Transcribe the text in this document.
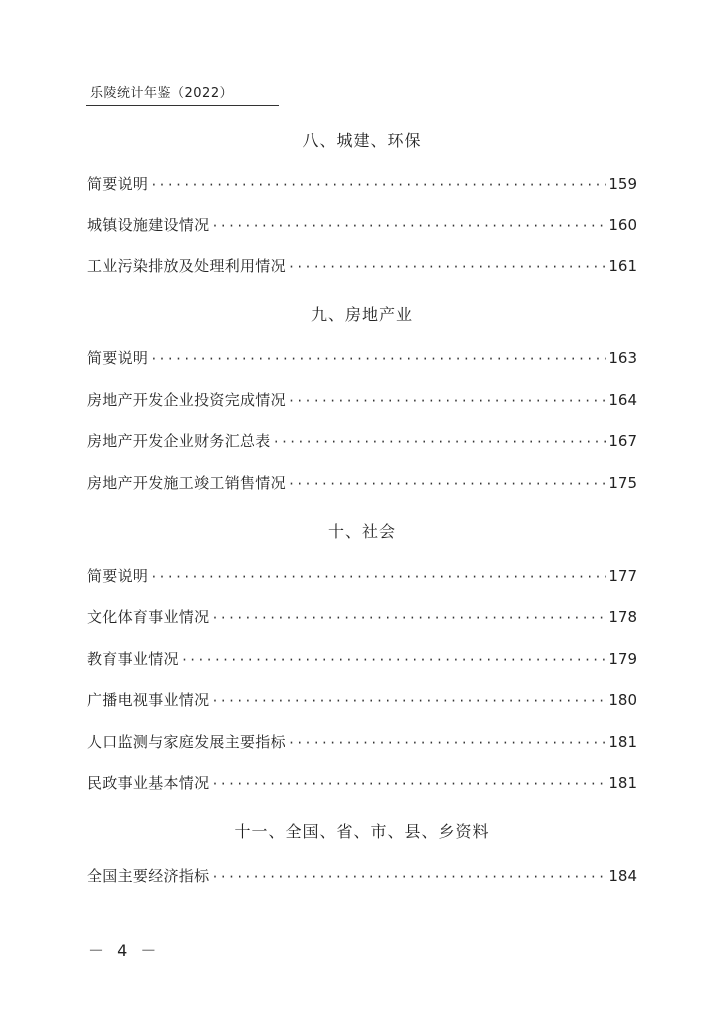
乐陵统计年鉴（2022）
八、城建、环保
简要说明 ·····	159
城镇设施建设情况 ·····	160
工业污染排放及处理利用情况 ·····	161
九、房地产业
简要说明 ·····	163
房地产开发企业投资完成情况 ·····	164
房地产开发企业财务汇总表 ·····	167
房地产开发施工竣工销售情况 ·····	175
十、社会
简要说明 ·····	177
文化体育事业情况 ·····	178
教育事业情况 ·····	179
广播电视事业情况 ·····	180
人口监测与家庭发展主要指标 ·····	181
民政事业基本情况 ·····	181
十一、全国、省、市、县、乡资料
全国主要经济指标 ·····	184
－ 4 －
